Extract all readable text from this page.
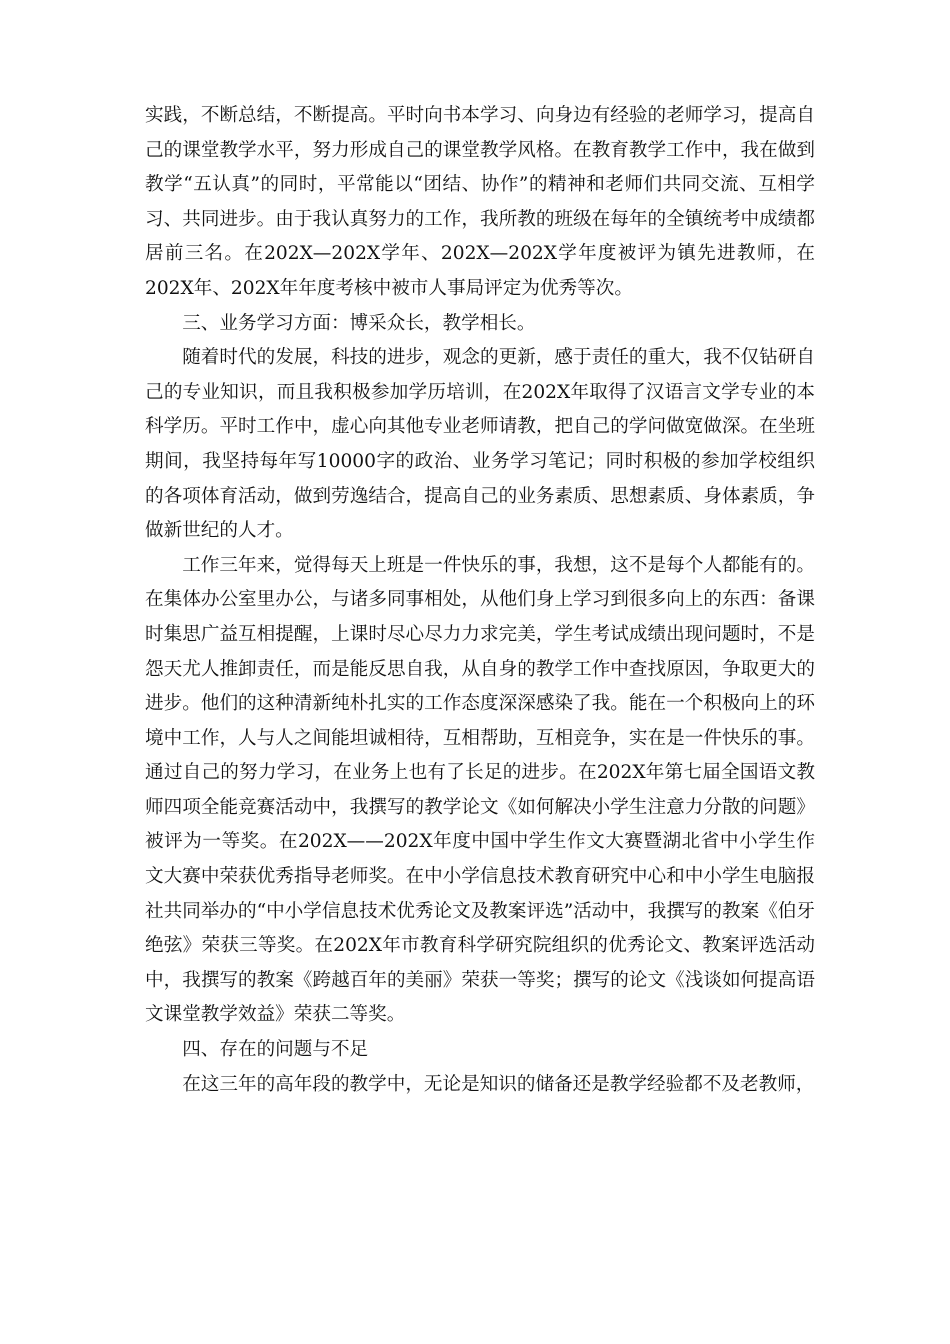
实践，不断总结，不断提高。平时向书本学习、向身边有经验的老师学习，提高自己的课堂教学水平，努力形成自己的课堂教学风格。在教育教学工作中，我在做到教学“五认真”的同时，平常能以“团结、协作”的精神和老师们共同交流、互相学习、共同进步。由于我认真努力的工作，我所教的班级在每年的全镇统考中成绩都居前三名。在202X—202X学年、202X—202X学年度被评为镇先进教师，在202X年、202X年年度考核中被市人事局评定为优秀等次。

三、业务学习方面：博采众长，教学相长。

随着时代的发展，科技的进步，观念的更新，感于责任的重大，我不仅钻研自己的专业知识，而且我积极参加学历培训，在202X年取得了汉语言文学专业的本科学历。平时工作中，虚心向其他专业老师请教，把自己的学问做宽做深。在坐班期间，我坚持每年写10000字的政治、业务学习笔记；同时积极的参加学校组织的各项体育活动，做到劳逸结合，提高自己的业务素质、思想素质、身体素质，争做新世纪的人才。

工作三年来，觉得每天上班是一件快乐的事，我想，这不是每个人都能有的。在集体办公室里办公，与诸多同事相处，从他们身上学习到很多向上的东西：备课时集思广益互相提醒，上课时尽心尽力力求完美，学生考试成绩出现问题时，不是怨天尤人推卸责任，而是能反思自我，从自身的教学工作中查找原因，争取更大的进步。他们的这种清新纯朴扎实的工作态度深深感染了我。能在一个积极向上的环境中工作，人与人之间能坦诚相待，互相帮助，互相竞争，实在是一件快乐的事。通过自己的努力学习，在业务上也有了长足的进步。在202X年第七届全国语文教师四项全能竞赛活动中，我撰写的教学论文《如何解决小学生注意力分散的问题》被评为一等奖。在202X——202X年度中国中学生作文大赛暨湖北省中小学生作文大赛中荣获优秀指导老师奖。在中小学信息技术教育研究中心和中小学生电脑报社共同举办的“中小学信息技术优秀论文及教案评选”活动中，我撰写的教案《伯牙绝弦》荣获三等奖。在202X年市教育科学研究院组织的优秀论文、教案评选活动中，我撰写的教案《跨越百年的美丽》荣获一等奖；撰写的论文《浅谈如何提高语文课堂教学效益》荣获二等奖。

四、存在的问题与不足

在这三年的高年段的教学中，无论是知识的储备还是教学经验都不及老教师，
